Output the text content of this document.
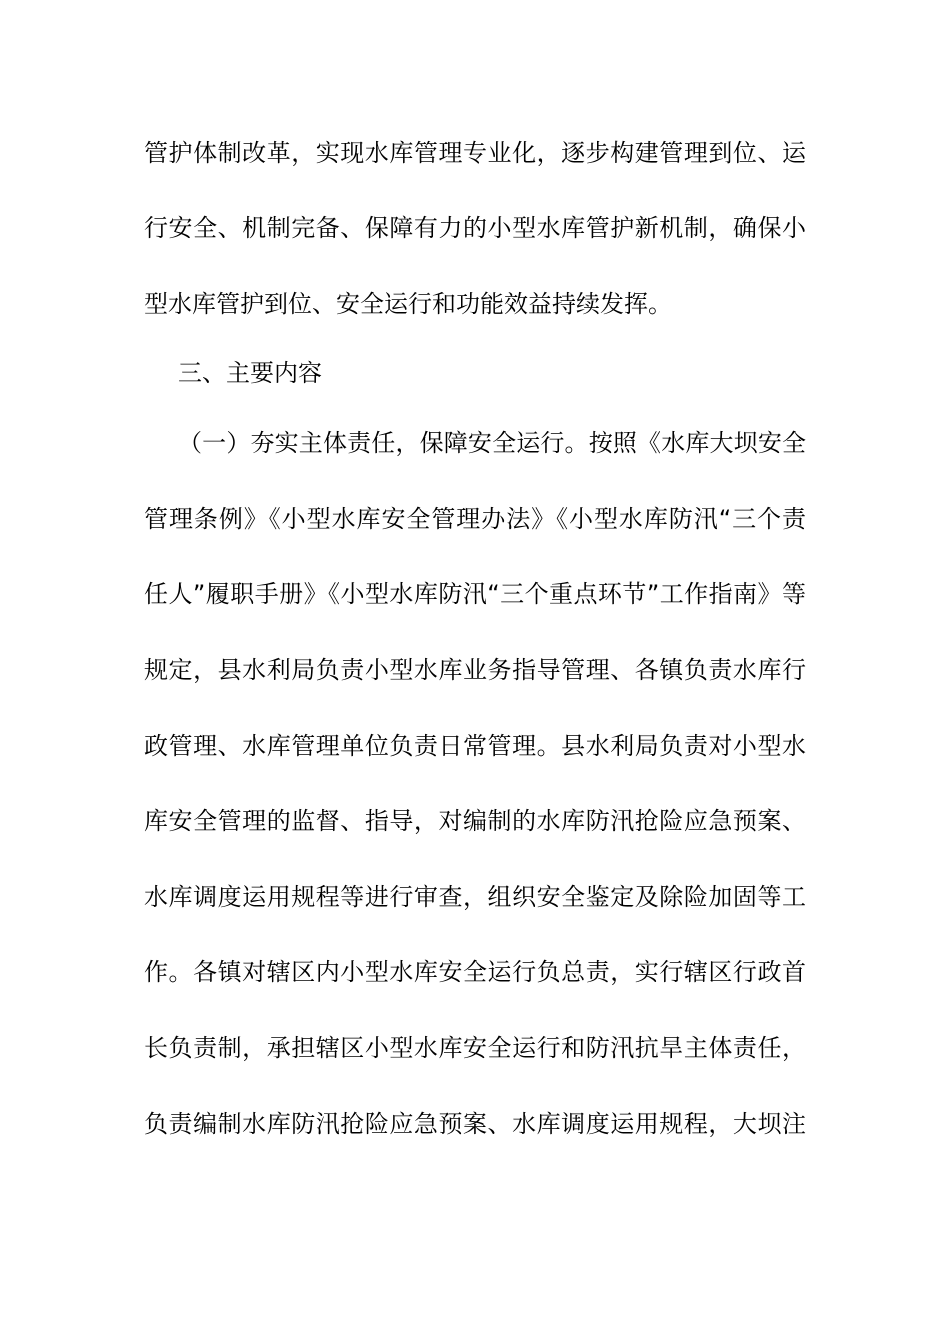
管护体制改革，实现水库管理专业化，逐步构建管理到位、运
行安全、机制完备、保障有力的小型水库管护新机制，确保小
型水库管护到位、安全运行和功能效益持续发挥。
三、主要内容
（一）夯实主体责任，保障安全运行。按照《水库大坝安全
管理条例》《小型水库安全管理办法》《小型水库防汛“三个责
任人”履职手册》《小型水库防汛“三个重点环节”工作指南》等
规定，县水利局负责小型水库业务指导管理、各镇负责水库行
政管理、水库管理单位负责日常管理。县水利局负责对小型水
库安全管理的监督、指导，对编制的水库防汛抢险应急预案、
水库调度运用规程等进行审查，组织安全鉴定及除险加固等工
作。各镇对辖区内小型水库安全运行负总责，实行辖区行政首
长负责制，承担辖区小型水库安全运行和防汛抗旱主体责任，
负责编制水库防汛抢险应急预案、水库调度运用规程，大坝注
